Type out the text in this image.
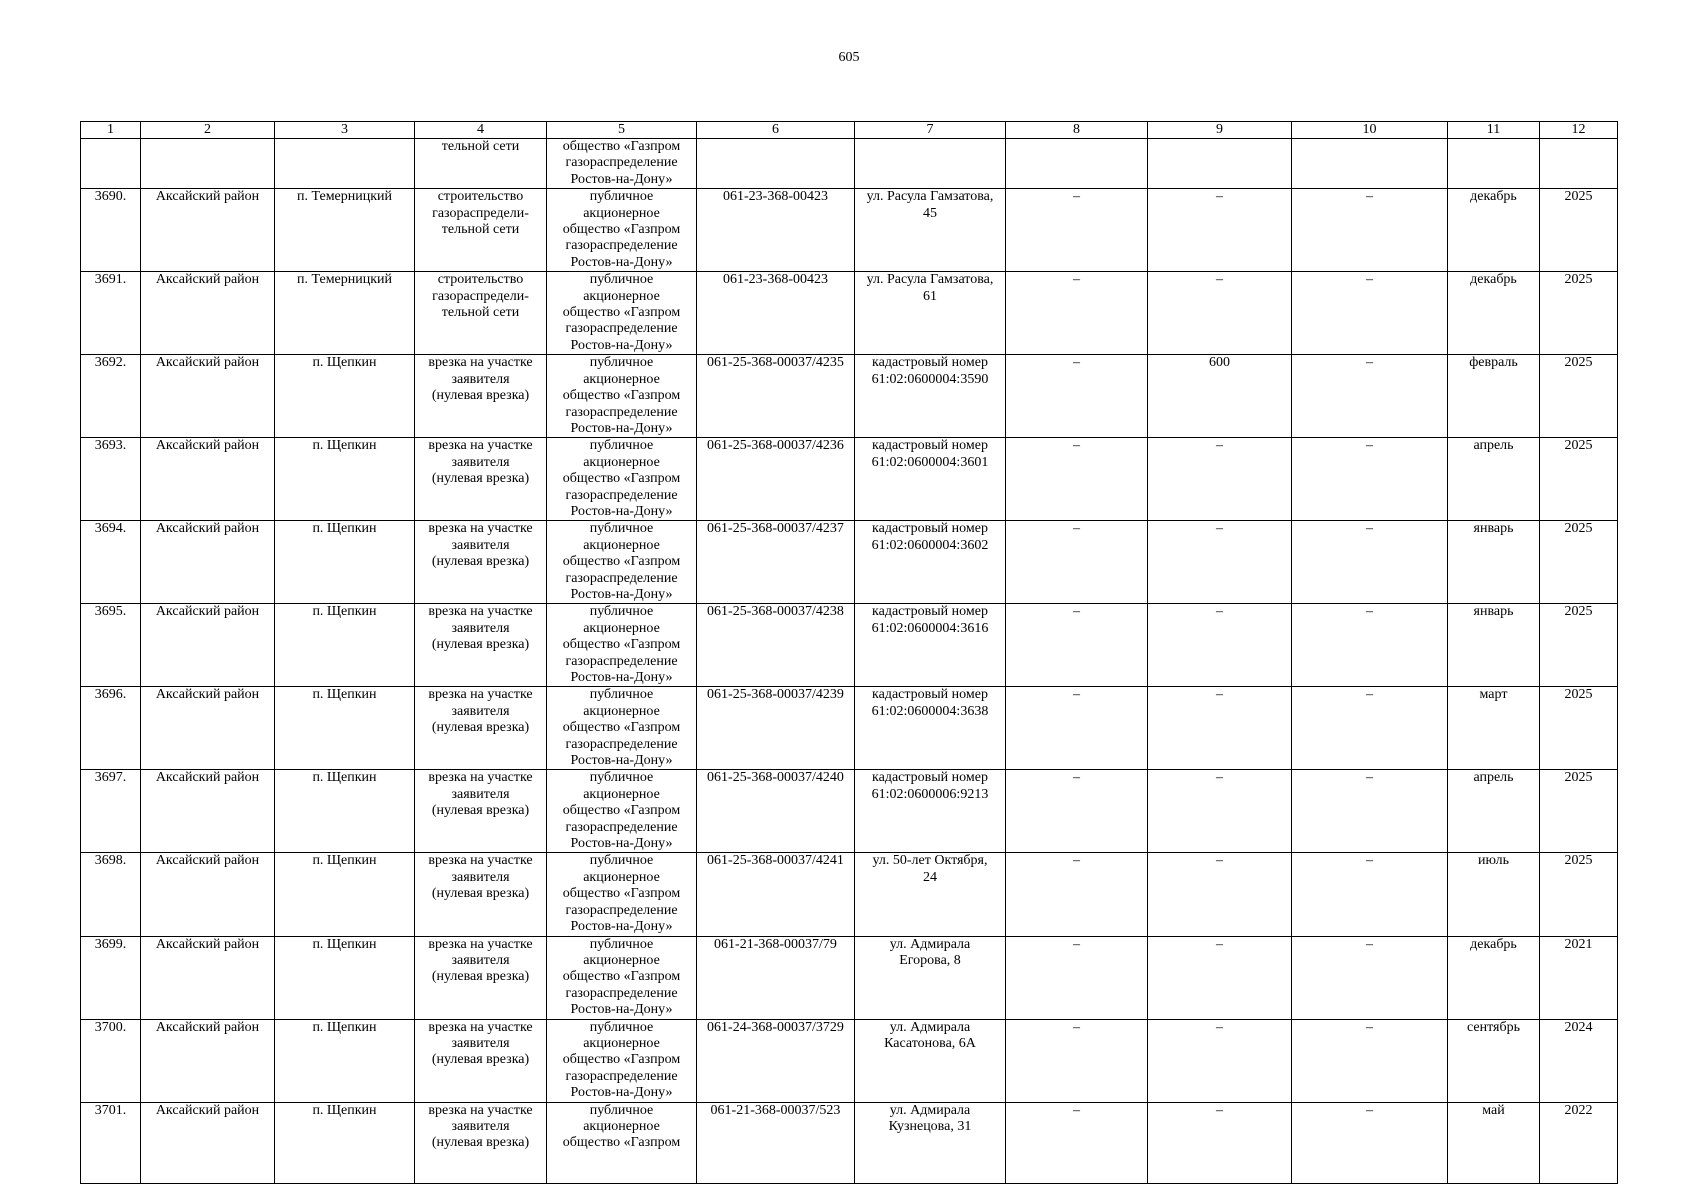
605
1	2	3	4	5	6	7	8	9	10	11	12

			тельной сети	общество «Газпром
газораспределение
Ростов-на-Дону»							

3690.	Аксайский район	п. Темерницкий	строительство
газораспредели-
тельной сети	публичное
акционерное
общество «Газпром
газораспределение
Ростов-на-Дону»	061-23-368-00423	ул. Расула Гамзатова,
45	–	–	–	декабрь	2025
3691.	Аксайский район	п. Темерницкий	строительство
газораспредели-
тельной сети	публичное
акционерное
общество «Газпром
газораспределение
Ростов-на-Дону»	061-23-368-00423	ул. Расула Гамзатова,
61	–	–	–	декабрь	2025
3692.	Аксайский район	п. Щепкин	врезка на участке
заявителя
(нулевая врезка)	публичное
акционерное
общество «Газпром
газораспределение
Ростов-на-Дону»	061-25-368-00037/4235	кадастровый номер
61:02:0600004:3590	–	600	–	февраль	2025
3693.	Аксайский район	п. Щепкин	врезка на участке
заявителя
(нулевая врезка)	публичное
акционерное
общество «Газпром
газораспределение
Ростов-на-Дону»	061-25-368-00037/4236	кадастровый номер
61:02:0600004:3601	–	–	–	апрель	2025
3694.	Аксайский район	п. Щепкин	врезка на участке
заявителя
(нулевая врезка)	публичное
акционерное
общество «Газпром
газораспределение
Ростов-на-Дону»	061-25-368-00037/4237	кадастровый номер
61:02:0600004:3602	–	–	–	январь	2025
3695.	Аксайский район	п. Щепкин	врезка на участке
заявителя
(нулевая врезка)	публичное
акционерное
общество «Газпром
газораспределение
Ростов-на-Дону»	061-25-368-00037/4238	кадастровый номер
61:02:0600004:3616	–	–	–	январь	2025
3696.	Аксайский район	п. Щепкин	врезка на участке
заявителя
(нулевая врезка)	публичное
акционерное
общество «Газпром
газораспределение
Ростов-на-Дону»	061-25-368-00037/4239	кадастровый номер
61:02:0600004:3638	–	–	–	март	2025
3697.	Аксайский район	п. Щепкин	врезка на участке
заявителя
(нулевая врезка)	публичное
акционерное
общество «Газпром
газораспределение
Ростов-на-Дону»	061-25-368-00037/4240	кадастровый номер
61:02:0600006:9213	–	–	–	апрель	2025
3698.	Аксайский район	п. Щепкин	врезка на участке
заявителя
(нулевая врезка)	публичное
акционерное
общество «Газпром
газораспределение
Ростов-на-Дону»	061-25-368-00037/4241	ул. 50-лет Октября,
24	–	–	–	июль	2025
3699.	Аксайский район	п. Щепкин	врезка на участке
заявителя
(нулевая врезка)	публичное
акционерное
общество «Газпром
газораспределение
Ростов-на-Дону»	061-21-368-00037/79	ул. Адмирала
Егорова, 8	–	–	–	декабрь	2021
3700.	Аксайский район	п. Щепкин	врезка на участке
заявителя
(нулевая врезка)	публичное
акционерное
общество «Газпром
газораспределение
Ростов-на-Дону»	061-24-368-00037/3729	ул. Адмирала
Касатонова, 6А	–	–	–	сентябрь	2024
3701.	Аксайский район	п. Щепкин	врезка на участке
заявителя
(нулевая врезка)	публичное
акционерное
общество «Газпром	061-21-368-00037/523	ул. Адмирала
Кузнецова, 31	–	–	–	май	2022
